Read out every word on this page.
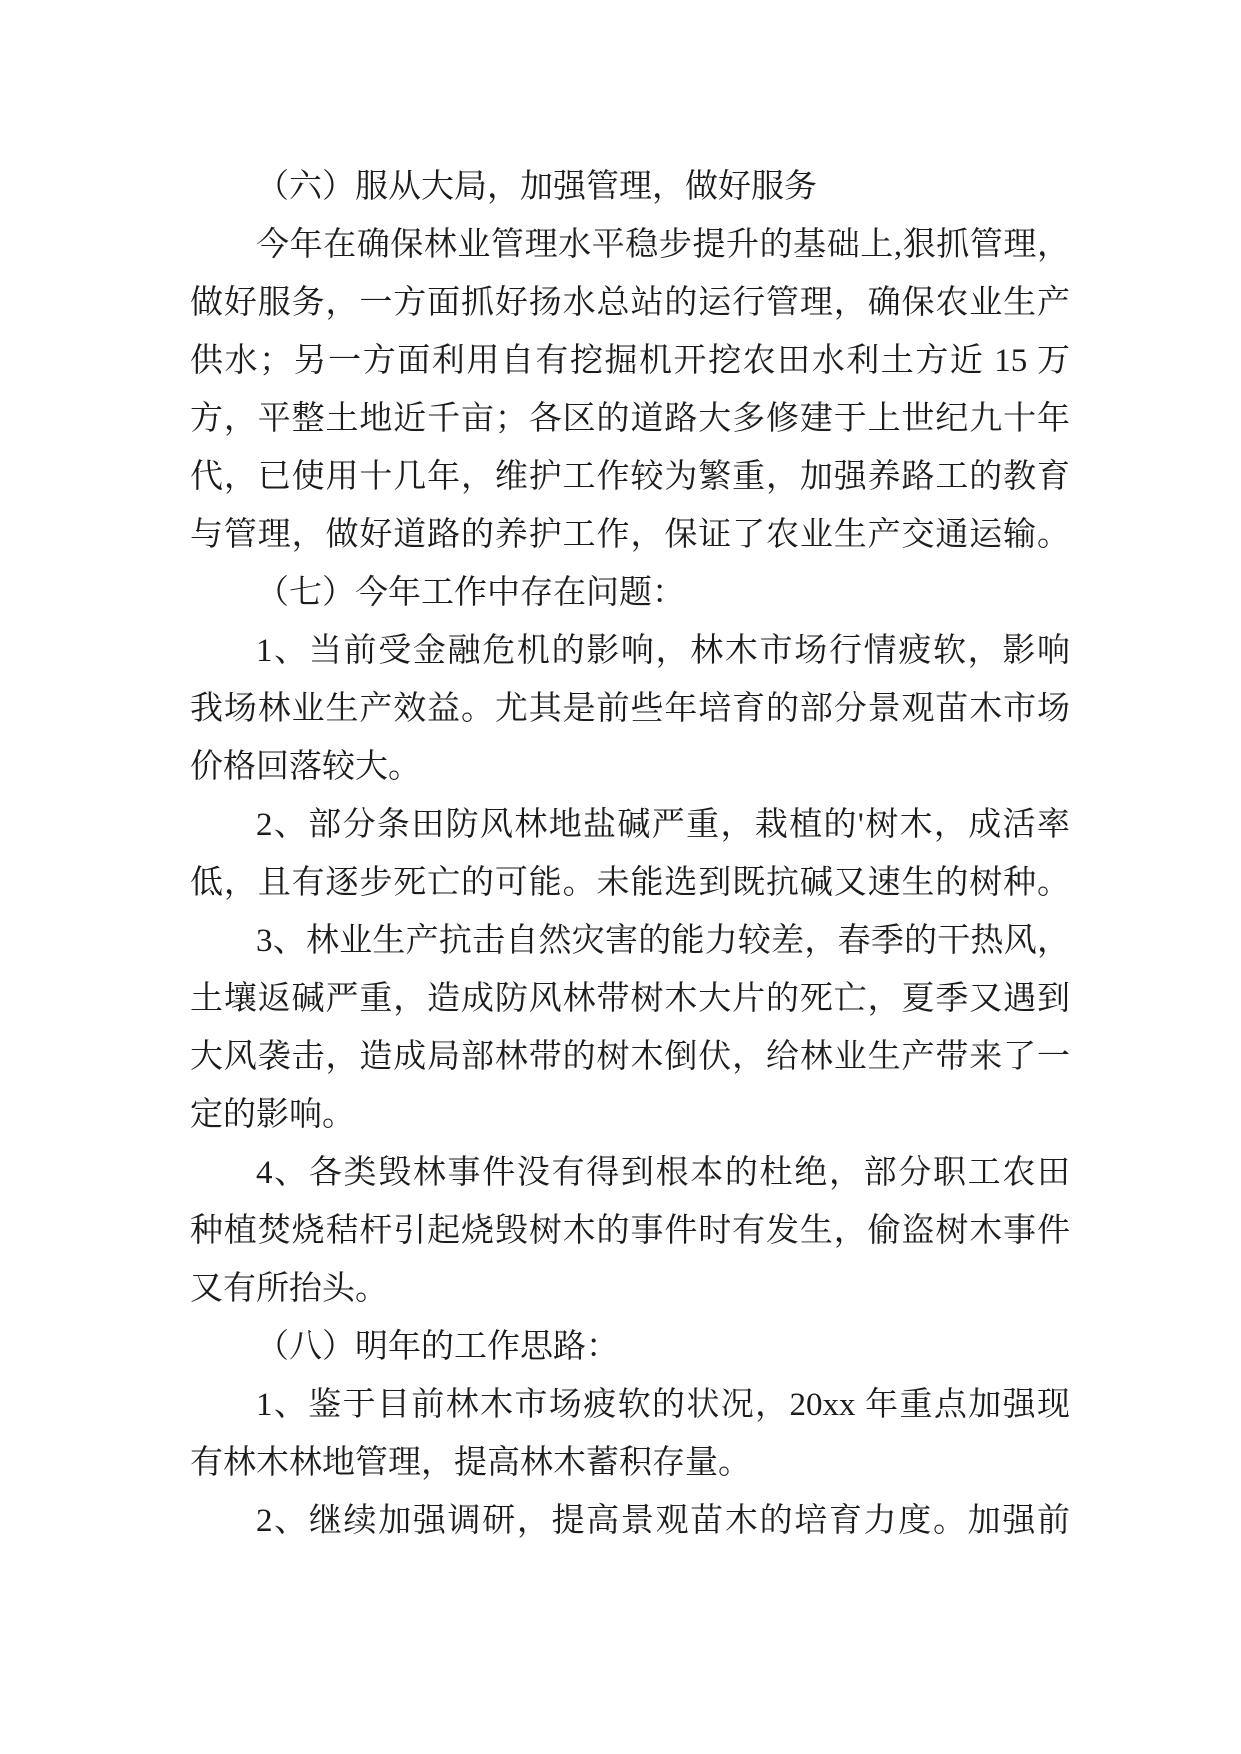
（六）服从大局，加强管理，做好服务
今年在确保林业管理水平稳步提升的基础上,狠抓管理，
做好服务，一方面抓好扬水总站的运行管理，确保农业生产
供水；另一方面利用自有挖掘机开挖农田水利土方近 15 万
方，平整土地近千亩；各区的道路大多修建于上世纪九十年
代，已使用十几年，维护工作较为繁重，加强养路工的教育
与管理，做好道路的养护工作，保证了农业生产交通运输。
（七）今年工作中存在问题：
1、当前受金融危机的影响，林木市场行情疲软，影响
我场林业生产效益。尤其是前些年培育的部分景观苗木市场
价格回落较大。
2、部分条田防风林地盐碱严重，栽植的'树木，成活率
低，且有逐步死亡的可能。未能选到既抗碱又速生的树种。
3、林业生产抗击自然灾害的能力较差，春季的干热风，
土壤返碱严重，造成防风林带树木大片的死亡，夏季又遇到
大风袭击，造成局部林带的树木倒伏，给林业生产带来了一
定的影响。
4、各类毁林事件没有得到根本的杜绝，部分职工农田
种植焚烧秸杆引起烧毁树木的事件时有发生，偷盗树木事件
又有所抬头。
（八）明年的工作思路：
1、鉴于目前林木市场疲软的状况，20xx 年重点加强现
有林木林地管理，提高林木蓄积存量。
2、继续加强调研，提高景观苗木的培育力度。加强前
